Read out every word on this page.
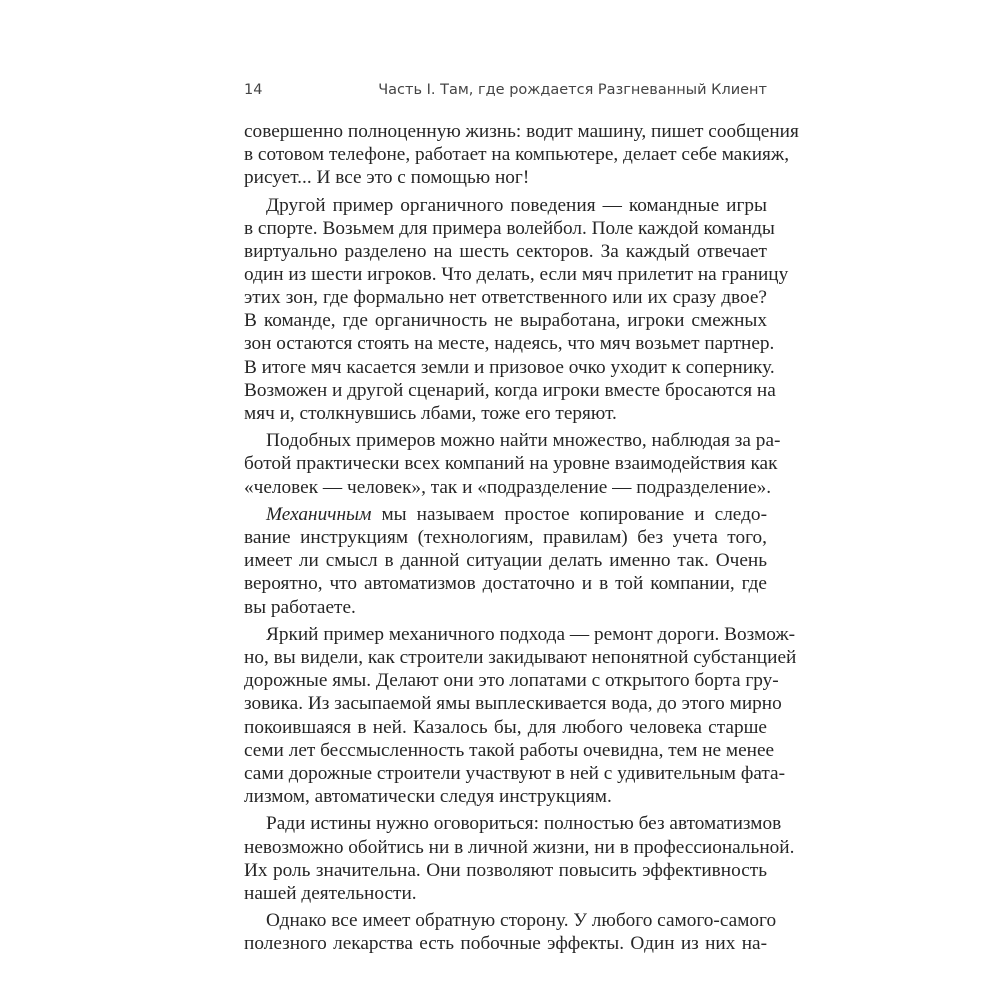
14	Часть I. Там, где рождается Разгневанный Клиент
совершенно полноценную жизнь: водит машину, пишет сообщения
в сотовом телефоне, работает на компьютере, делает себе макияж,
рисует... И все это с помощью ног!
Другой пример органичного поведения — командные игры
в спорте. Возьмем для примера волейбол. Поле каждой команды
виртуально разделено на шесть секторов. За каждый отвечает
один из шести игроков. Что делать, если мяч прилетит на границу
этих зон, где формально нет ответственного или их сразу двое?
В команде, где органичность не выработана, игроки смежных
зон остаются стоять на месте, надеясь, что мяч возьмет партнер.
В итоге мяч касается земли и призовое очко уходит к сопернику.
Возможен и другой сценарий, когда игроки вместе бросаются на
мяч и, столкнувшись лбами, тоже его теряют.
Подобных примеров можно найти множество, наблюдая за ра-
ботой практически всех компаний на уровне взаимодействия как
«человек — человек», так и «подразделение — подразделение».
Механичным мы называем простое копирование и следо-
вание инструкциям (технологиям, правилам) без учета того,
имеет ли смысл в данной ситуации делать именно так. Очень
вероятно, что автоматизмов достаточно и в той компании, где
вы работаете.
Яркий пример механичного подхода — ремонт дороги. Возмож-
но, вы видели, как строители закидывают непонятной субстанцией
дорожные ямы. Делают они это лопатами с открытого борта гру-
зовика. Из засыпаемой ямы выплескивается вода, до этого мирно
покоившаяся в ней. Казалось бы, для любого человека старше
семи лет бессмысленность такой работы очевидна, тем не менее
сами дорожные строители участвуют в ней с удивительным фата-
лизмом, автоматически следуя инструкциям.
Ради истины нужно оговориться: полностью без автоматизмов
невозможно обойтись ни в личной жизни, ни в профессиональной.
Их роль значительна. Они позволяют повысить эффективность
нашей деятельности.
Однако все имеет обратную сторону. У любого самого-самого
полезного лекарства есть побочные эффекты. Один из них на-
